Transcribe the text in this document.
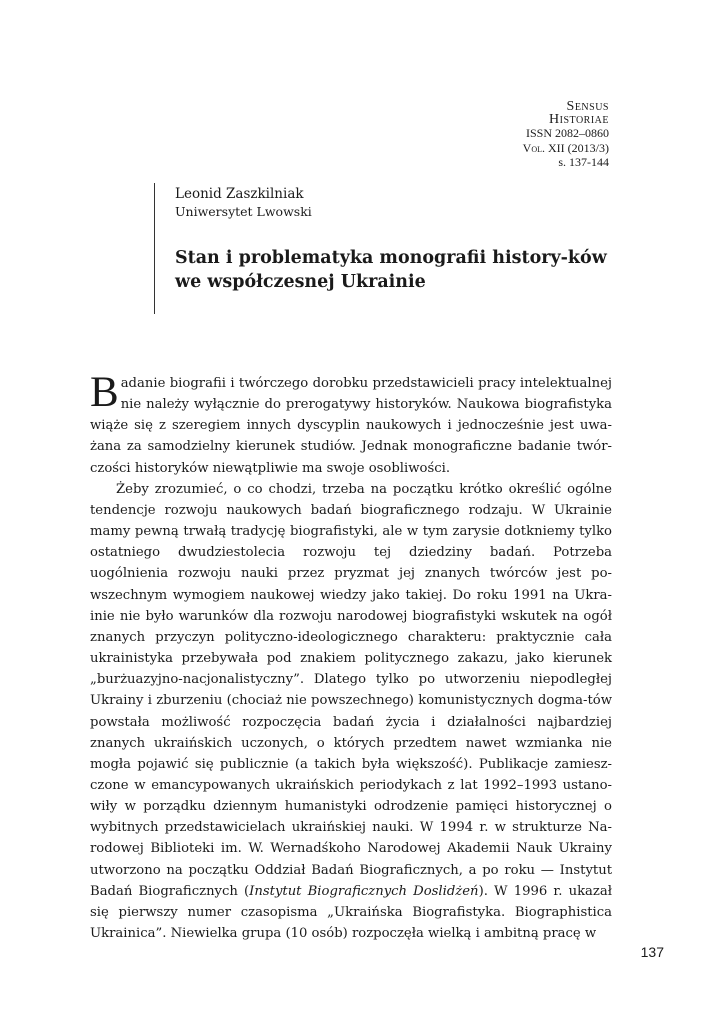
Sensus
Historiae
ISSN 2082–0860
Vol. XII (2013/3)
s. 137-144
Leonid Zaszkilniak
Uniwersytet Lwowski
Stan i problematyka monografii history-ków we współczesnej Ukrainie

Badanie biografii i twórczego dorobku przedstawicieli pracy intelektualnej nie należy wyłącznie do prerogatywy historyków. Naukowa biografistyka wiąże się z szeregiem innych dyscyplin naukowych i jednocześnie jest uwa-żana za samodzielny kierunek studiów. Jednak monograficzne badanie twór-czości historyków niewątpliwie ma swoje osobliwości.

Żeby zrozumieć, o co chodzi, trzeba na początku krótko określić ogólne tendencje rozwoju naukowych badań biograficznego rodzaju. W Ukrainie mamy pewną trwałą tradycję biografistyki, ale w tym zarysie dotkniemy tylko ostatniego dwudziestolecia rozwoju tej dziedziny badań. Potrzeba uogólnienia rozwoju nauki przez pryzmat jej znanych twórców jest po-wszechnym wymogiem naukowej wiedzy jako takiej. Do roku 1991 na Ukra-inie nie było warunków dla rozwoju narodowej biografistyki wskutek na ogół znanych przyczyn polityczno-ideologicznego charakteru: praktycznie cała ukrainistyka przebywała pod znakiem politycznego zakazu, jako kierunek „burżuazyjno-nacjonalistyczny”. Dlatego tylko po utworzeniu niepodległej Ukrainy i zburzeniu (chociaż nie powszechnego) komunistycznych dogma-tów powstała możliwość rozpoczęcia badań życia i działalności najbardziej znanych ukraińskich uczonych, o których przedtem nawet wzmianka nie mogła pojawić się publicznie (a takich była większość). Publikacje zamiesz-czone w emancypowanych ukraińskich periodykach z lat 1992–1993 ustano-wiły w porządku dziennym humanistyki odrodzenie pamięci historycznej o wybitnych przedstawicielach ukraińskiej nauki. W 1994 r. w strukturze Na-rodowej Biblioteki im. W. Wernadśkoho Narodowej Akademii Nauk Ukrainy utworzono na początku Oddział Badań Biograficznych, a po roku — Instytut Badań Biograficznych (Instytut Biograficznych Doslidżeń). W 1996 r. ukazał się pierwszy numer czasopisma „Ukraińska Biografistyka. Biographistica Ukrainica”. Niewielka grupa (10 osób) rozpoczęła wielką i ambitną pracę w

137
